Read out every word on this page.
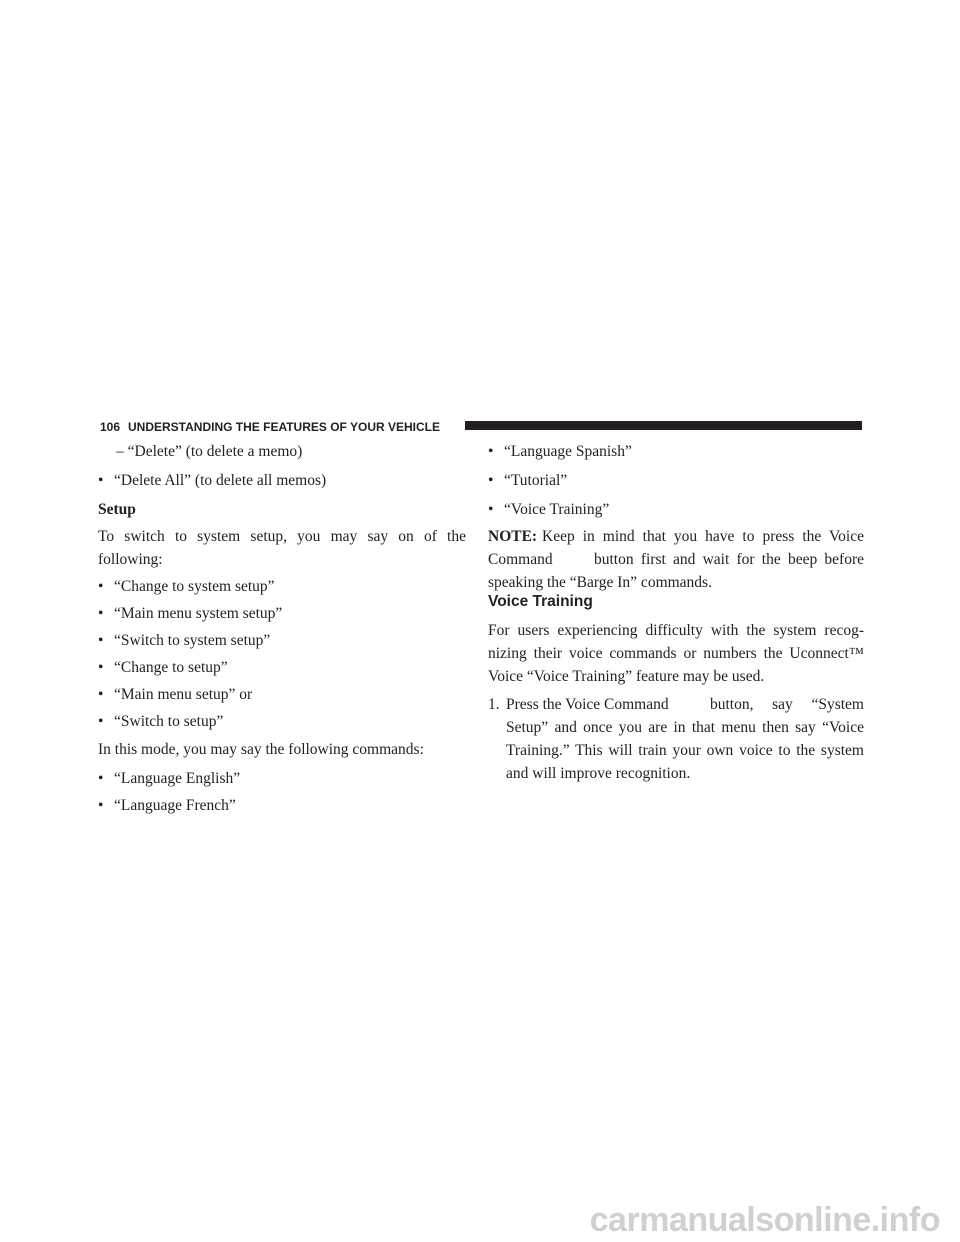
106 UNDERSTANDING THE FEATURES OF YOUR VEHICLE
– “Delete” (to delete a memo)
• “Delete All” (to delete all memos)
Setup
To switch to system setup, you may say on of the
following:
• “Change to system setup”
• “Main menu system setup”
• “Switch to system setup”
• “Change to setup”
• “Main menu setup” or
• “Switch to setup”
In this mode, you may say the following commands:
• “Language English”
• “Language French”
• “Language Spanish”
• “Tutorial”
• “Voice Training”
NOTE: Keep in mind that you have to press the Voice
Command	button first and wait for the beep before
speaking the “Barge In” commands.
Voice Training
For users experiencing difficulty with the system recog-
nizing their voice commands or numbers the Uconnect™
Voice “Voice Training” feature may be used.
1. Press the Voice Command	button, say “System
Setup” and once you are in that menu then say “Voice
Training.” This will train your own voice to the system
and will improve recognition.
carmanualsonline.info
